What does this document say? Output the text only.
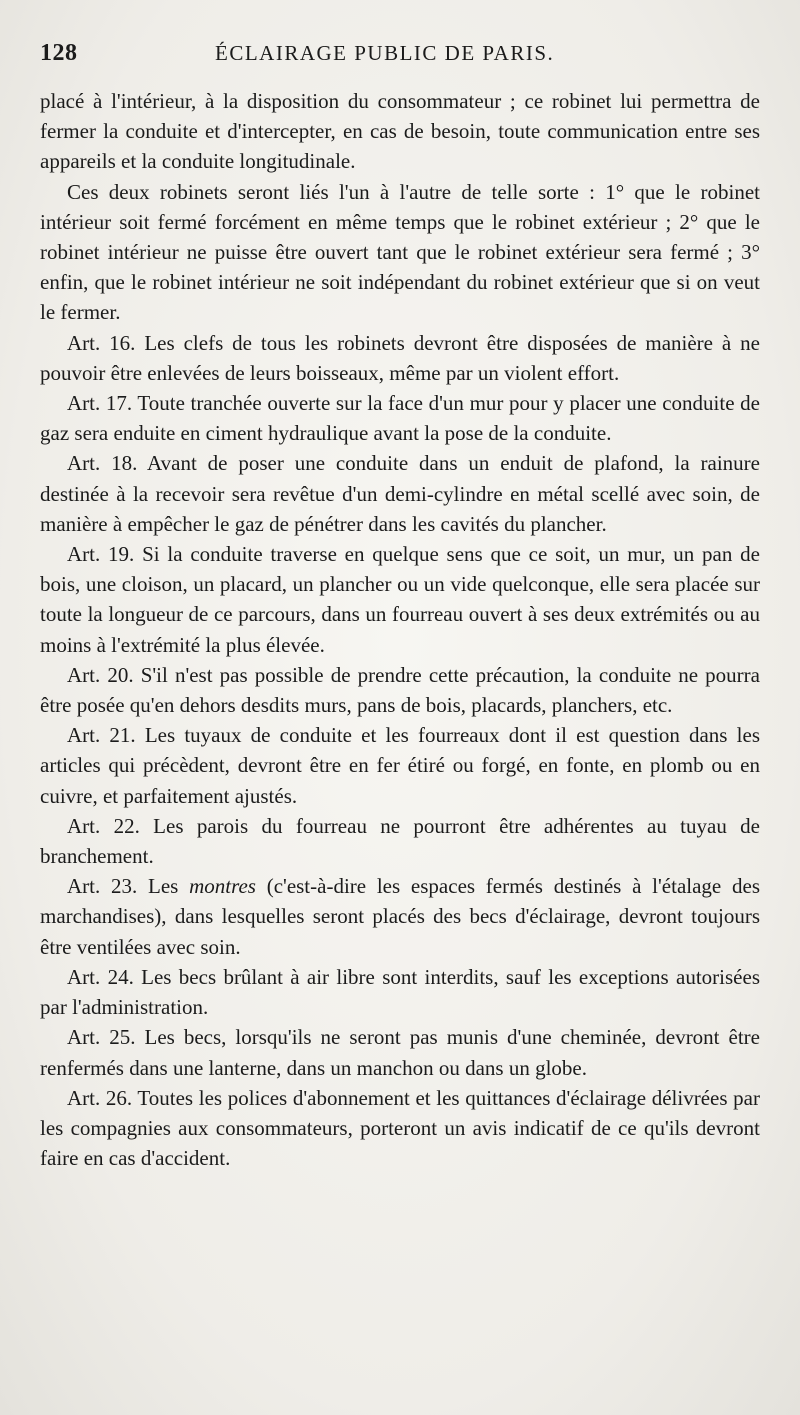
128	ÉCLAIRAGE PUBLIC DE PARIS.

placé à l'intérieur, à la disposition du consommateur ; ce robinet lui permettra de fermer la conduite et d'intercepter, en cas de besoin, toute communication entre ses appareils et la conduite longitudinale.

Ces deux robinets seront liés l'un à l'autre de telle sorte : 1° que le robinet intérieur soit fermé forcément en même temps que le robinet extérieur ; 2° que le robinet intérieur ne puisse être ouvert tant que le robinet extérieur sera fermé ; 3° enfin, que le robinet intérieur ne soit indépendant du robinet extérieur que si on veut le fermer.

Art. 16. Les clefs de tous les robinets devront être disposées de manière à ne pouvoir être enlevées de leurs boisseaux, même par un violent effort.

Art. 17. Toute tranchée ouverte sur la face d'un mur pour y placer une conduite de gaz sera enduite en ciment hydraulique avant la pose de la conduite.

Art. 18. Avant de poser une conduite dans un enduit de plafond, la rainure destinée à la recevoir sera revêtue d'un demi-cylindre en métal scellé avec soin, de manière à empêcher le gaz de pénétrer dans les cavités du plancher.

Art. 19. Si la conduite traverse en quelque sens que ce soit, un mur, un pan de bois, une cloison, un placard, un plancher ou un vide quelconque, elle sera placée sur toute la longueur de ce parcours, dans un fourreau ouvert à ses deux extrémités ou au moins à l'extrémité la plus élevée.

Art. 20. S'il n'est pas possible de prendre cette précaution, la conduite ne pourra être posée qu'en dehors desdits murs, pans de bois, placards, planchers, etc.

Art. 21. Les tuyaux de conduite et les fourreaux dont il est question dans les articles qui précèdent, devront être en fer étiré ou forgé, en fonte, en plomb ou en cuivre, et parfaitement ajustés.

Art. 22. Les parois du fourreau ne pourront être adhérentes au tuyau de branchement.

Art. 23. Les montres (c'est-à-dire les espaces fermés destinés à l'étalage des marchandises), dans lesquelles seront placés des becs d'éclairage, devront toujours être ventilées avec soin.

Art. 24. Les becs brûlant à air libre sont interdits, sauf les exceptions autorisées par l'administration.

Art. 25. Les becs, lorsqu'ils ne seront pas munis d'une cheminée, devront être renfermés dans une lanterne, dans un manchon ou dans un globe.

Art. 26. Toutes les polices d'abonnement et les quittances d'éclairage délivrées par les compagnies aux consommateurs, porteront un avis indicatif de ce qu'ils devront faire en cas d'accident.
